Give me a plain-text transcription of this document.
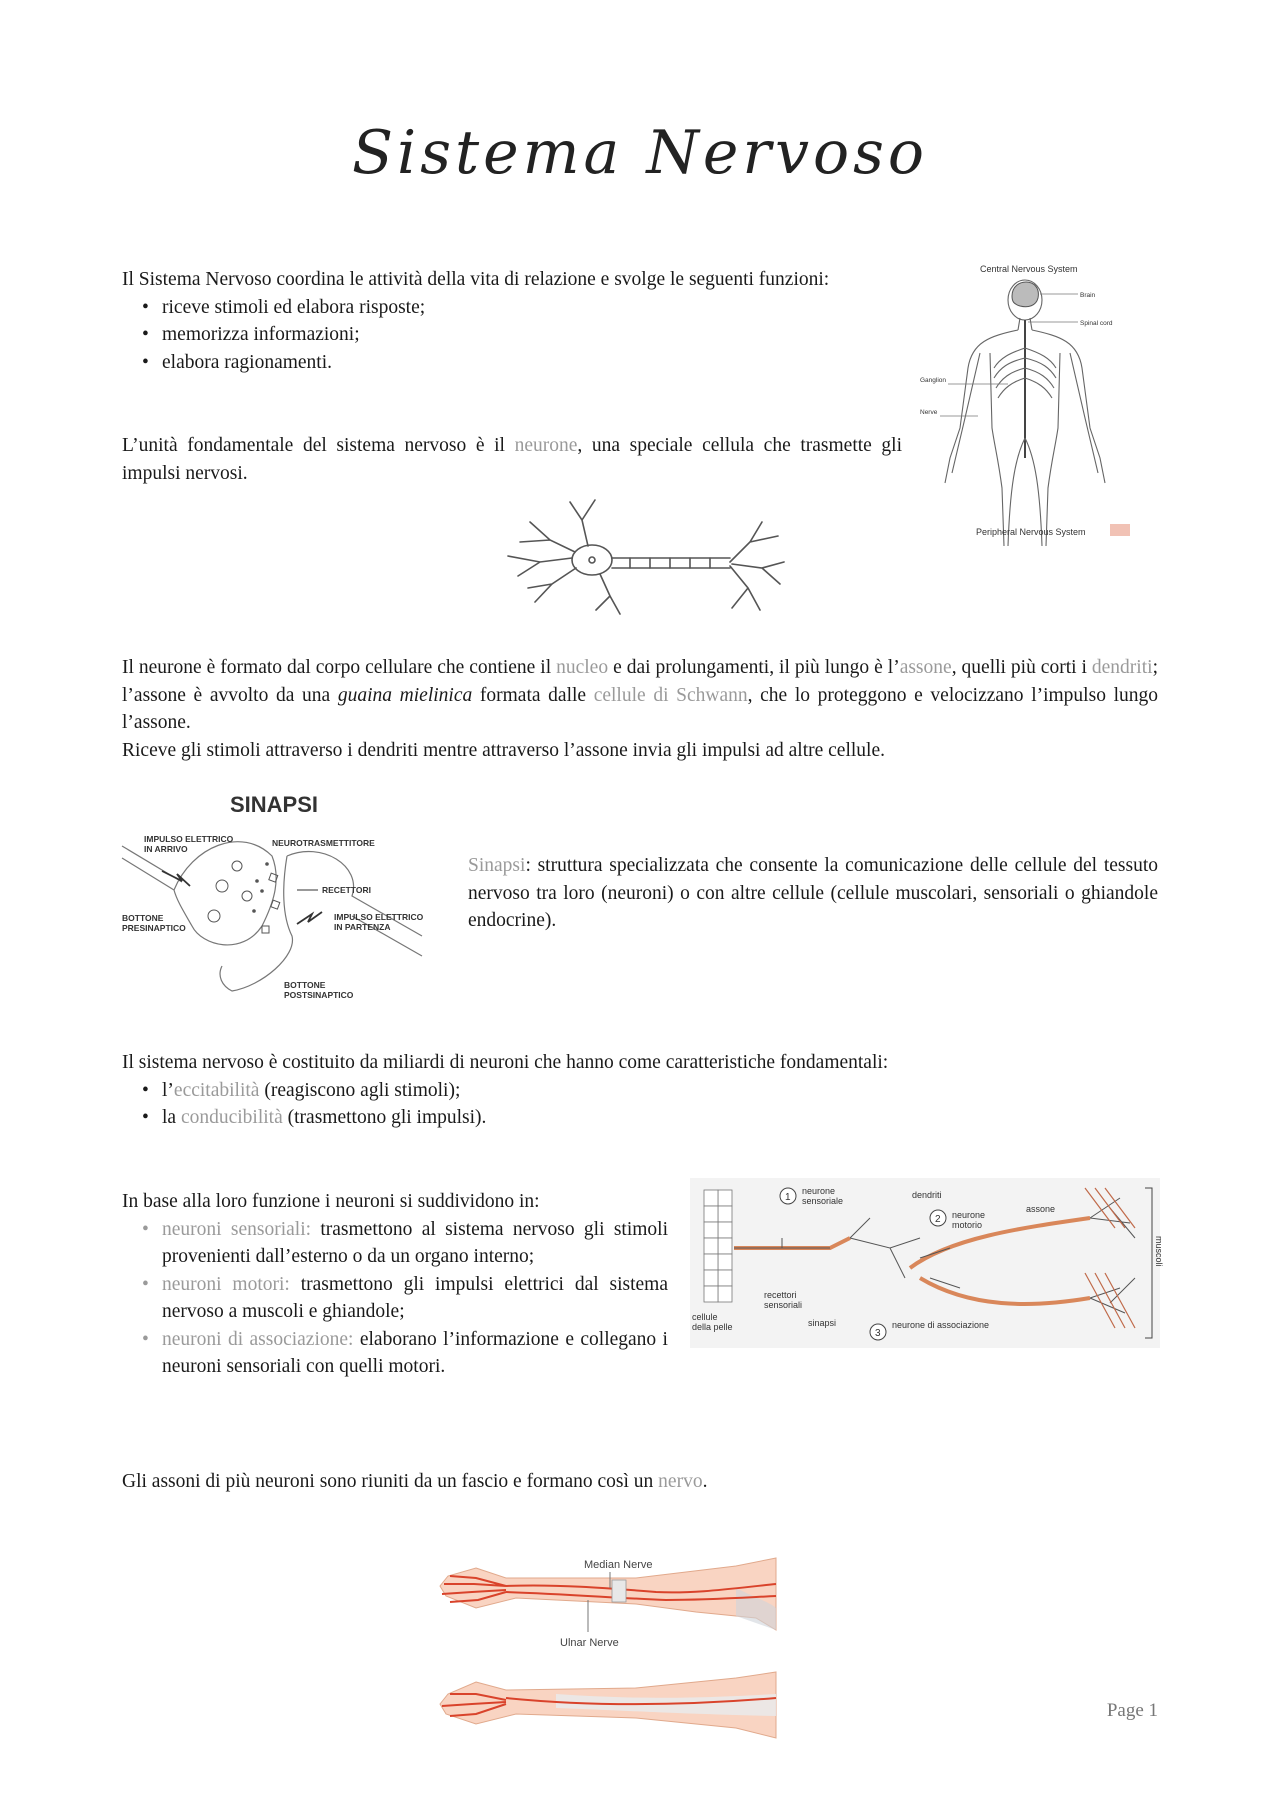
Sistema Nervoso
Il Sistema Nervoso coordina le attività della vita di relazione e svolge le seguenti funzioni:
• riceve stimoli ed elabora risposte;
• memorizza informazioni;
• elabora ragionamenti.
L’unità fondamentale del sistema nervoso è il neurone, una speciale cellula che trasmette gli impulsi nervosi.
Central Nervous System
Brain
Spinal cord
Ganglion
Nerve
Peripheral Nervous System
Il neurone è formato dal corpo cellulare che contiene il nucleo e dai prolungamenti, il più lungo è l’assone, quelli più corti i dendriti; l’assone è avvolto da una guaina mielinica formata dalle cellule di Schwann, che lo proteggono e velocizzano l’impulso lungo l’assone.
Riceve gli stimoli attraverso i dendriti mentre attraverso l’assone invia gli impulsi ad altre cellule.
SINAPSI
IMPULSO ELETTRICO
IN ARRIVO
NEUROTRASMETTITORE
RECETTORI
BOTTONE
PRESINAPTICO
IMPULSO ELETTRICO
IN PARTENZA
BOTTONE
POSTSINAPTICO
Sinapsi: struttura specializzata che consente la comunicazione delle cellule del tessuto nervoso tra loro (neuroni) o con altre cellule (cellule muscolari, sensoriali o ghiandole endocrine).
Il sistema nervoso è costituito da miliardi di neuroni che hanno come caratteristiche fondamentali:
• l’eccitabilità (reagiscono agli stimoli);
• la conducibilità (trasmettono gli impulsi).
In base alla loro funzione i neuroni si suddividono in:
• neuroni sensoriali: trasmettono al sistema nervoso gli stimoli provenienti dall’esterno o da un organo interno;
• neuroni motori: trasmettono gli impulsi elettrici dal sistema nervoso a muscoli e ghiandole;
• neuroni di associazione: elaborano l’informazione e collegano i neuroni sensoriali con quelli motori.
muscoli
1
neurone
sensoriale
dendriti
2 neurone
motorio
assone
recettori
sensoriali
cellule
della pelle	sinapsi
3
neurone di associazione
Gli assoni di più neuroni sono riuniti da un fascio e formano così un nervo.
Median Nerve
Ulnar Nerve
Page 1
